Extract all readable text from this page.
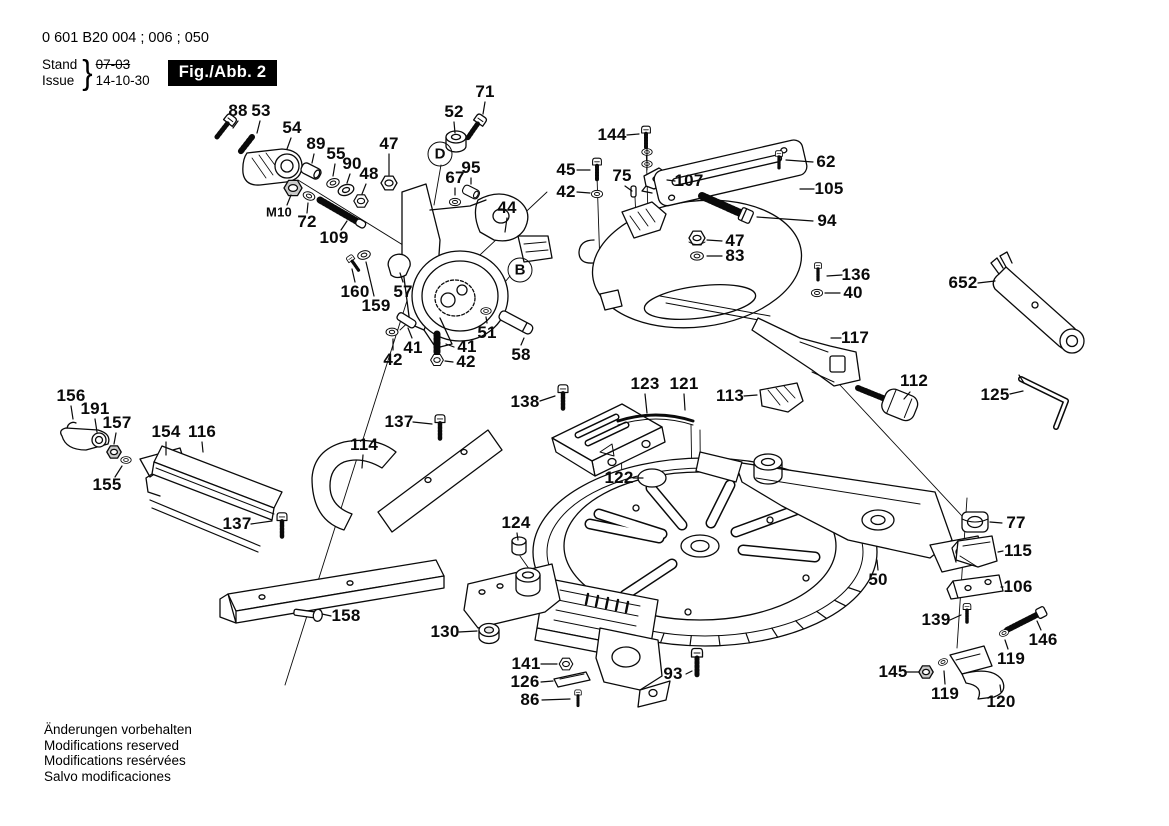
0 601 B20 004 ; 006 ; 050
Stand
Issue } 07-03
14-10-30	Fig./Abb. 2
88 53
54
89
55
90
48
47
52
71
67
95
M10 72
109
44
45
42
144
75	107
62
105
94
47
83
136
40
160
159
57
117
652
D
B
42
41 41
42
51
58
112
113	125
138
123 121
156
191
157 154 116
155
137
114
122
124
137
50
77
115
106
139
146
158
130
119
141
126
86
93	145
119 120
Änderungen vorbehalten
Modifications reserved
Modifications resérvées
Salvo modificaciones
